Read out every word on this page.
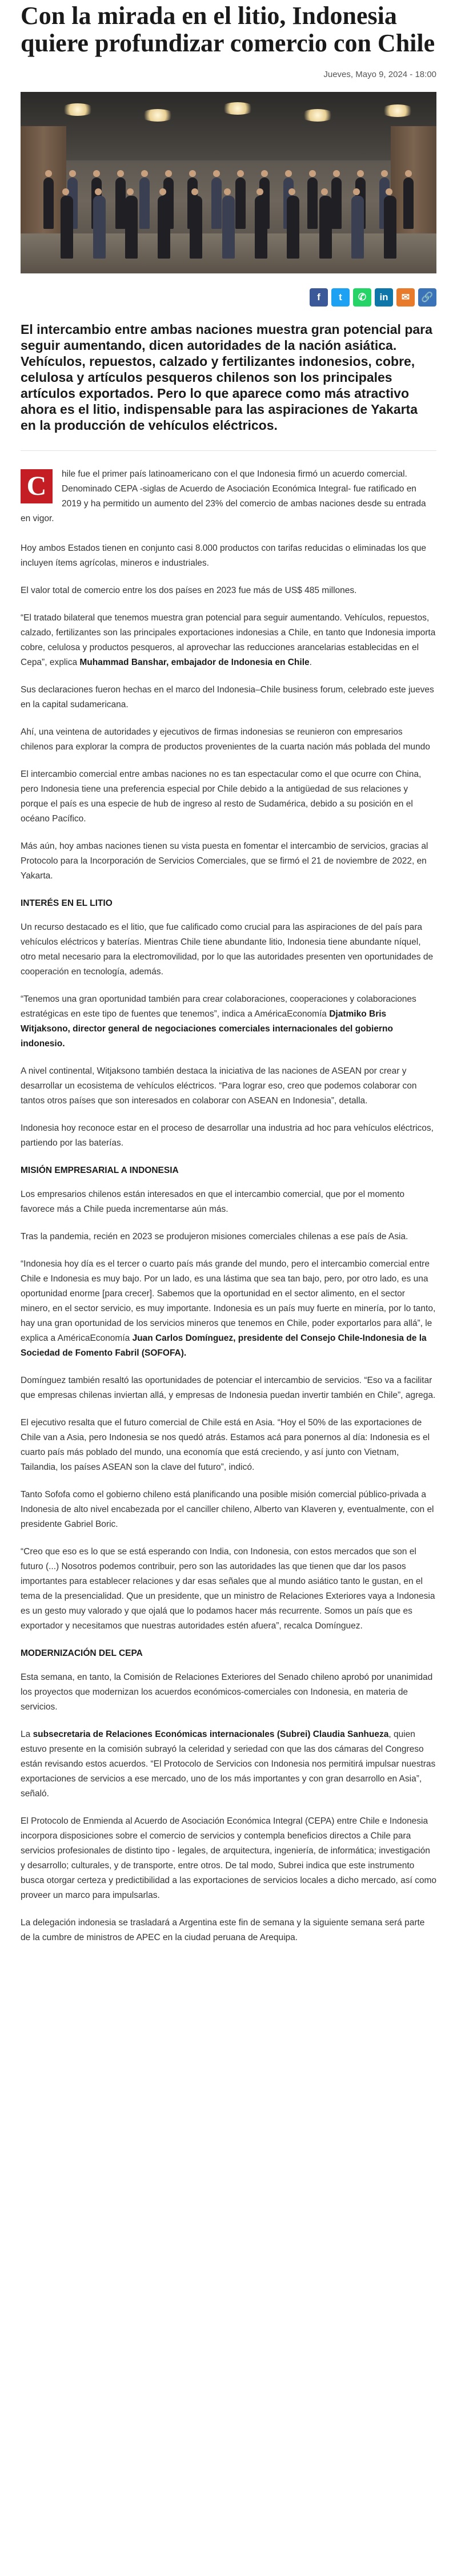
Con la mirada en el litio, Indonesia quiere profundizar comercio con Chile
Jueves, Mayo 9, 2024 - 18:00
f	t	✆	in	✉	🔗

El intercambio entre ambas naciones muestra gran potencial para seguir aumentando, dicen autoridades de la nación asiática. Vehículos, repuestos, calzado y fertilizantes indonesios, cobre, celulosa y artículos pesqueros chilenos son los principales artículos exportados. Pero lo que aparece como más atractivo ahora es el litio, indispensable para las aspiraciones de Yakarta en la producción de vehículos eléctricos.

C	hile fue el primer país latinoamericano con el que Indonesia firmó un acuerdo comercial. Denominado CEPA -siglas de Acuerdo de Asociación Económica Integral- fue ratificado en 2019 y ha permitido un aumento del 23% del comercio de ambas naciones desde su entrada en vigor.

Hoy ambos Estados tienen en conjunto casi 8.000 productos con tarifas reducidas o eliminadas los que incluyen ítems agrícolas, mineros e industriales.

El valor total de comercio entre los dos países en 2023 fue más de US$ 485 millones.

“El tratado bilateral que tenemos muestra gran potencial para seguir aumentando. Vehículos, repuestos, calzado, fertilizantes son las principales exportaciones indonesias a Chile, en tanto que Indonesia importa cobre, celulosa y productos pesqueros, al aprovechar las reducciones arancelarias establecidas en el Cepa”, explica Muhammad Banshar, embajador de Indonesia en Chile.

Sus declaraciones fueron hechas en el marco del Indonesia–Chile business forum, celebrado este jueves en la capital sudamericana.

Ahí, una veintena de autoridades y ejecutivos de firmas indonesias se reunieron con empresarios chilenos para explorar la compra de productos provenientes de la cuarta nación más poblada del mundo

El intercambio comercial entre ambas naciones no es tan espectacular como el que ocurre con China, pero Indonesia tiene una preferencia especial por Chile debido a la antigüedad de sus relaciones y porque el país es una especie de hub de ingreso al resto de Sudamérica, debido a su posición en el océano Pacífico.

Más aún, hoy ambas naciones tienen su vista puesta en fomentar el intercambio de servicios, gracias al Protocolo para la Incorporación de Servicios Comerciales, que se firmó el 21 de noviembre de 2022, en Yakarta.

INTERÉS EN EL LITIO

Un recurso destacado es el litio, que fue calificado como crucial para las aspiraciones de del país para vehículos eléctricos y baterías. Mientras Chile tiene abundante litio, Indonesia tiene abundante níquel, otro metal necesario para la electromovilidad, por lo que las autoridades presenten ven oportunidades de cooperación en tecnología, además.

“Tenemos una gran oportunidad también para crear colaboraciones, cooperaciones y colaboraciones estratégicas en este tipo de fuentes que tenemos”, indica a AméricaEconomía Djatmiko Bris Witjaksono, director general de negociaciones comerciales internacionales del gobierno indonesio.

A nivel continental, Witjaksono también destaca la iniciativa de las naciones de ASEAN por crear y desarrollar un ecosistema de vehículos eléctricos. “Para lograr eso, creo que podemos colaborar con tantos otros países que son interesados en colaborar con ASEAN en Indonesia”, detalla.

Indonesia hoy reconoce estar en el proceso de desarrollar una industria ad hoc para vehículos eléctricos, partiendo por las baterías.

MISIÓN EMPRESARIAL A INDONESIA

Los empresarios chilenos están interesados en que el intercambio comercial, que por el momento favorece más a Chile pueda incrementarse aún más.

Tras la pandemia, recién en 2023 se produjeron misiones comerciales chilenas a ese país de Asia.

“Indonesia hoy día es el tercer o cuarto país más grande del mundo, pero el intercambio comercial entre Chile e Indonesia es muy bajo. Por un lado, es una lástima que sea tan bajo, pero, por otro lado, es una oportunidad enorme [para crecer]. Sabemos que la oportunidad en el sector alimento, en el sector minero, en el sector servicio, es muy importante. Indonesia es un país muy fuerte en minería, por lo tanto, hay una gran oportunidad de los servicios mineros que tenemos en Chile, poder exportarlos para allá”, le explica a AméricaEconomía Juan Carlos Domínguez, presidente del Consejo Chile-Indonesia de la Sociedad de Fomento Fabril (SOFOFA).

Domínguez también resaltó las oportunidades de potenciar el intercambio de servicios. “Eso va a facilitar que empresas chilenas inviertan allá, y empresas de Indonesia puedan invertir también en Chile”, agrega.

El ejecutivo resalta que el futuro comercial de Chile está en Asia. “Hoy el 50% de las exportaciones de Chile van a Asia, pero Indonesia se nos quedó atrás. Estamos acá para ponernos al día: Indonesia es el cuarto país más poblado del mundo, una economía que está creciendo, y así junto con Vietnam, Tailandia, los países ASEAN son la clave del futuro”, indicó.

Tanto Sofofa como el gobierno chileno está planificando una posible misión comercial público-privada a Indonesia de alto nivel encabezada por el canciller chileno, Alberto van Klaveren y, eventualmente, con el presidente Gabriel Boric.

“Creo que eso es lo que se está esperando con India, con Indonesia, con estos mercados que son el futuro (...) Nosotros podemos contribuir, pero son las autoridades las que tienen que dar los pasos importantes para establecer relaciones y dar esas señales que al mundo asiático tanto le gustan, en el tema de la presencialidad. Que un presidente, que un ministro de Relaciones Exteriores vaya a Indonesia es un gesto muy valorado y que ojalá que lo podamos hacer más recurrente. Somos un país que es exportador y necesitamos que nuestras autoridades estén afuera”, recalca Domínguez.

MODERNIZACIÓN DEL CEPA

Esta semana, en tanto, la Comisión de Relaciones Exteriores del Senado chileno aprobó por unanimidad los proyectos que modernizan los acuerdos económicos-comerciales con Indonesia, en materia de servicios.

La subsecretaria de Relaciones Económicas internacionales (Subrei) Claudia Sanhueza, quien estuvo presente en la comisión subrayó la celeridad y seriedad con que las dos cámaras del Congreso están revisando estos acuerdos. “El Protocolo de Servicios con Indonesia nos permitirá impulsar nuestras exportaciones de servicios a ese mercado, uno de los más importantes y con gran desarrollo en Asia”, señaló.

El Protocolo de Enmienda al Acuerdo de Asociación Económica Integral (CEPA) entre Chile e Indonesia incorpora disposiciones sobre el comercio de servicios y contempla beneficios directos a Chile para servicios profesionales de distinto tipo - legales, de arquitectura, ingeniería, de informática; investigación y desarrollo; culturales, y de transporte, entre otros. De tal modo, Subrei indica que este instrumento busca otorgar certeza y predictibilidad a las exportaciones de servicios locales a dicho mercado, así como proveer un marco para impulsarlas.

La delegación indonesia se trasladará a Argentina este fin de semana y la siguiente semana será parte de la cumbre de ministros de APEC en la ciudad peruana de Arequipa.
